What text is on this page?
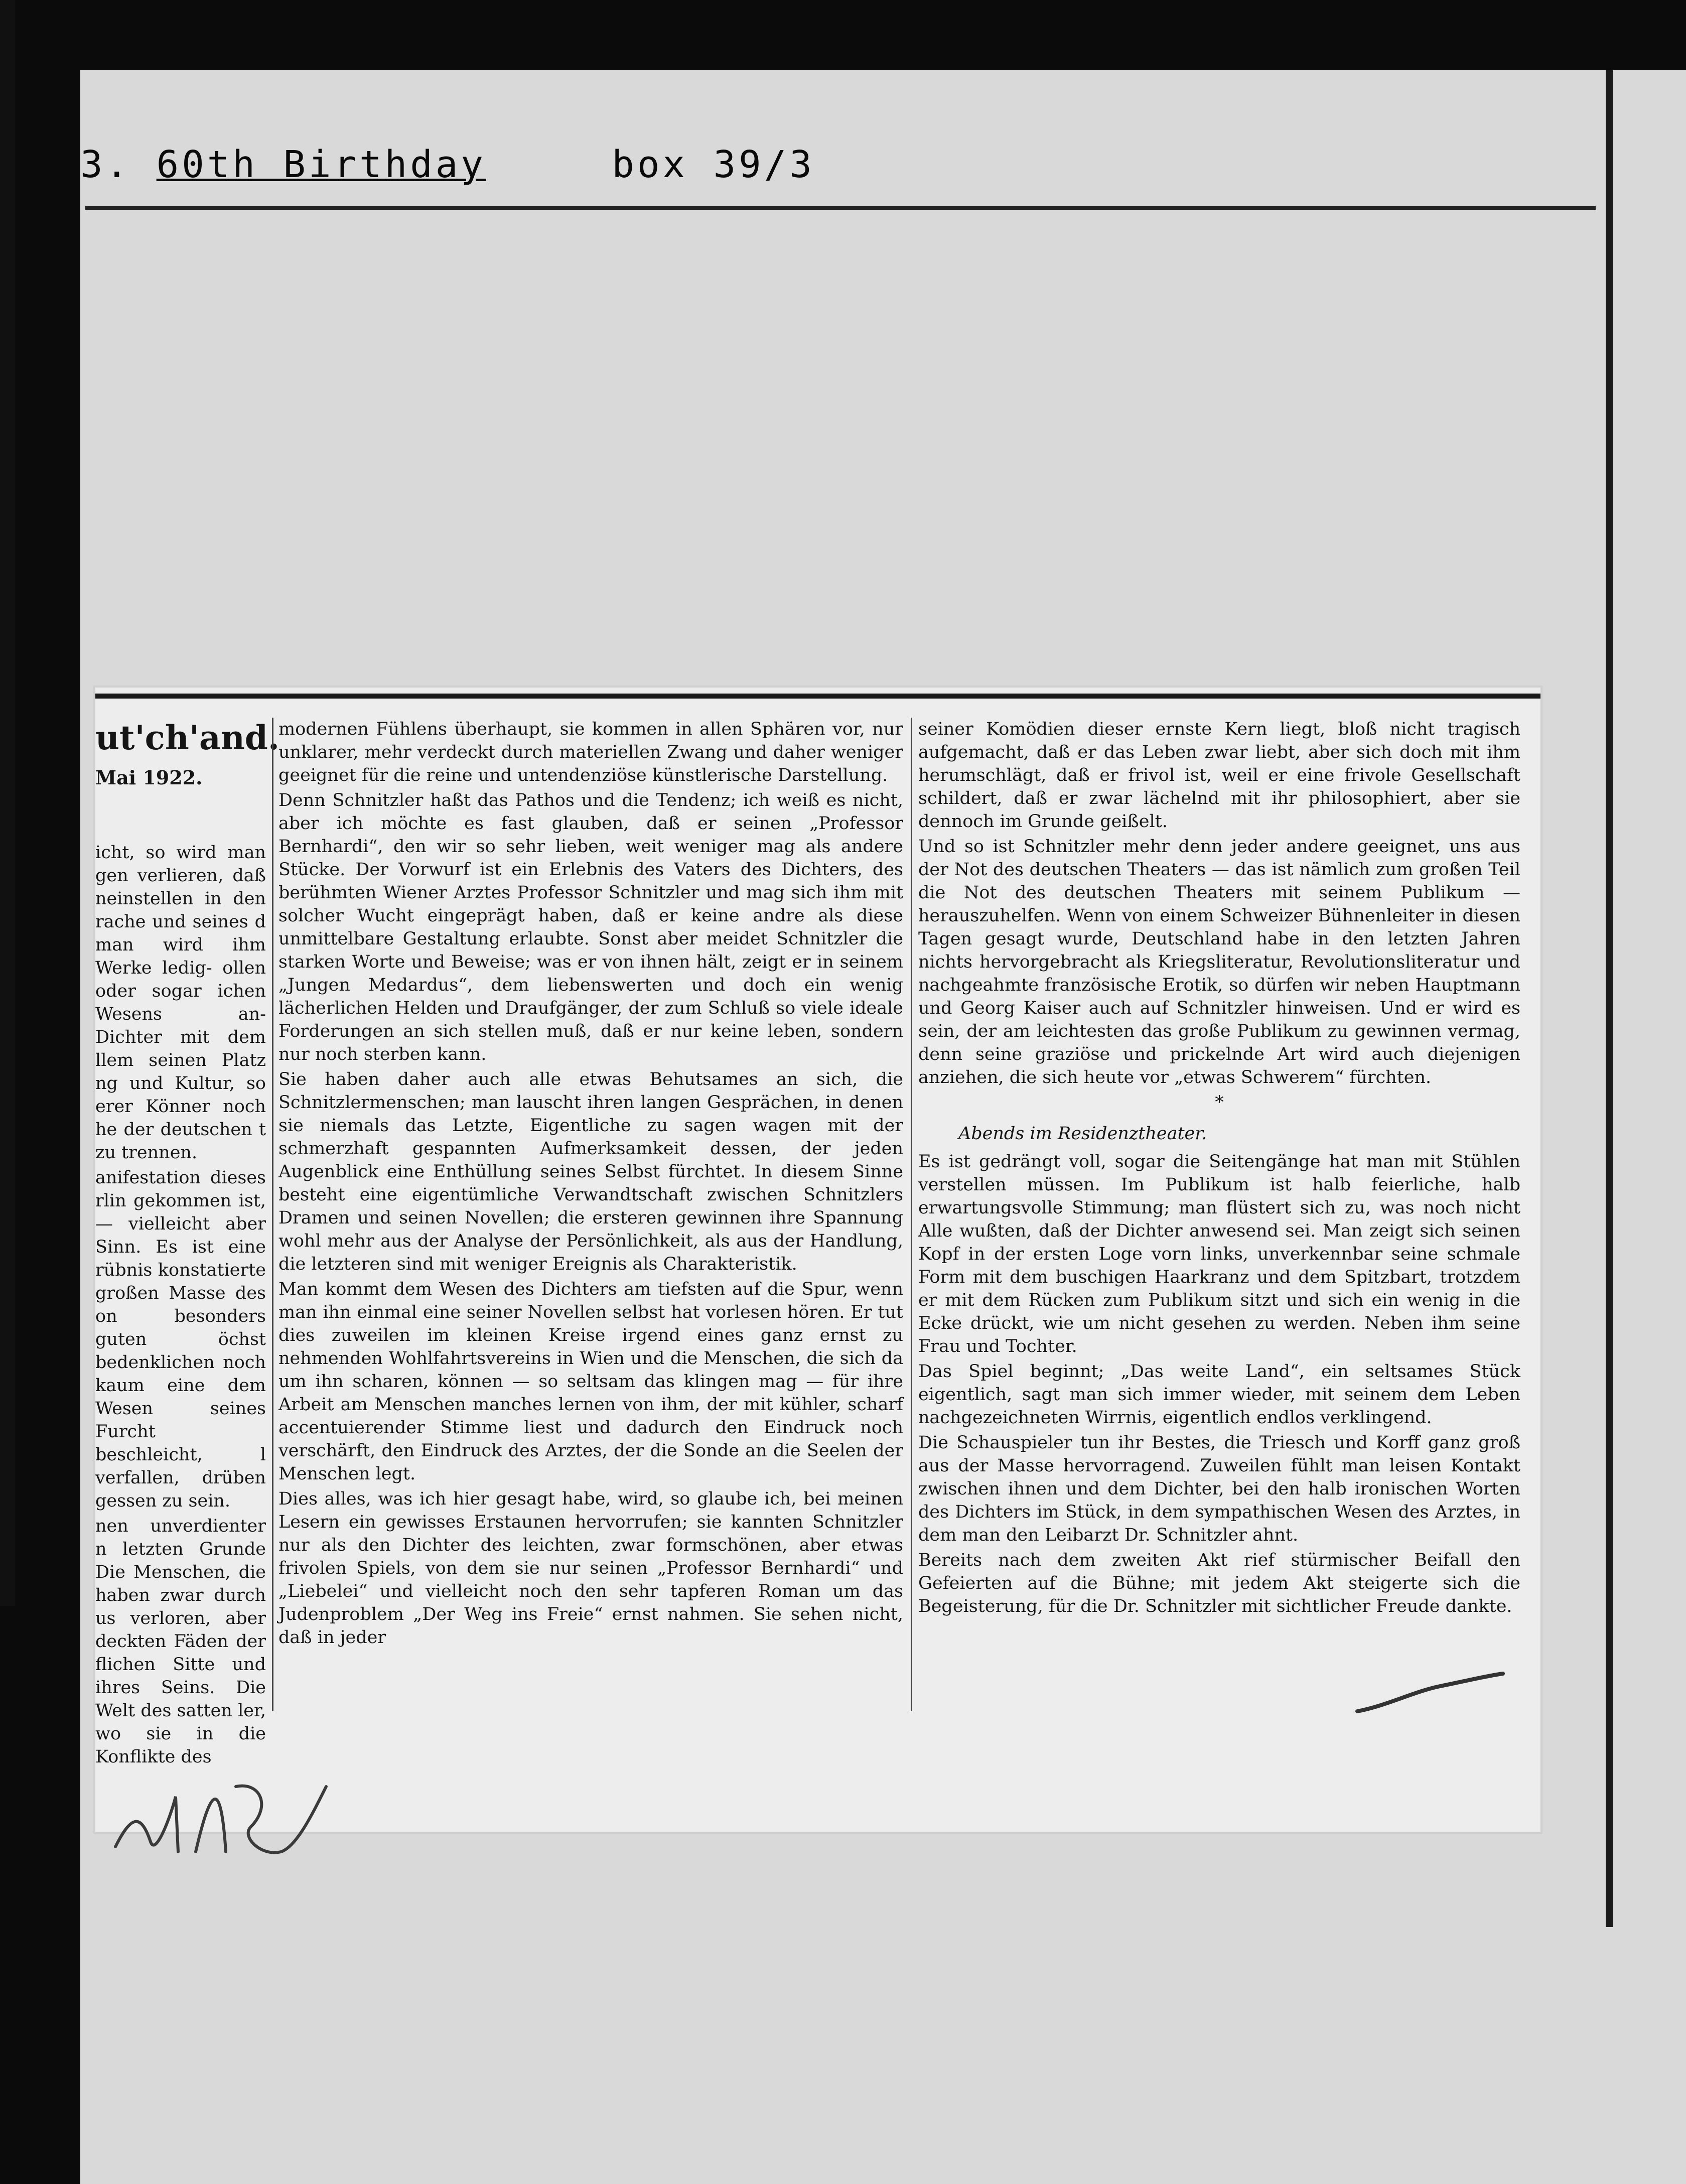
3. 60th Birthday	box 39/3
ut'ch'and.
Mai 1922.

icht, so wird man gen verlieren, daß neinstellen in den rache und seines d man wird ihm Werke ledig- ollen oder sogar ichen Wesens an- Dichter mit dem llem seinen Platz ng und Kultur, so erer Könner noch he der deutschen t zu trennen.

anifestation dieses rlin gekommen ist, — vielleicht aber Sinn. Es ist eine rübnis konstatierte großen Masse des on besonders guten öchst bedenklichen noch kaum eine dem Wesen seines Furcht beschleicht, l verfallen, drüben gessen zu sein.

nen unverdienter n letzten Grunde Die Menschen, die haben zwar durch us verloren, aber deckten Fäden der flichen Sitte und ihres Seins. Die Welt des satten ler, wo sie in die Konflikte des

modernen Fühlens überhaupt, sie kommen in allen Sphären vor, nur unklarer, mehr verdeckt durch materiellen Zwang und daher weniger geeignet für die reine und untendenziöse künstlerische Darstellung.

Denn Schnitzler haßt das Pathos und die Tendenz; ich weiß es nicht, aber ich möchte es fast glauben, daß er seinen „Professor Bernhardi“, den wir so sehr lieben, weit weniger mag als andere Stücke. Der Vorwurf ist ein Erlebnis des Vaters des Dichters, des berühmten Wiener Arztes Professor Schnitzler und mag sich ihm mit solcher Wucht eingeprägt haben, daß er keine andre als diese unmittelbare Gestaltung erlaubte. Sonst aber meidet Schnitzler die starken Worte und Beweise; was er von ihnen hält, zeigt er in seinem „Jungen Medardus“, dem liebenswerten und doch ein wenig lächerlichen Helden und Draufgänger, der zum Schluß so viele ideale Forderungen an sich stellen muß, daß er nur keine leben, sondern nur noch sterben kann.

Sie haben daher auch alle etwas Behutsames an sich, die Schnitzlermenschen; man lauscht ihren langen Gesprächen, in denen sie niemals das Letzte, Eigentliche zu sagen wagen mit der schmerzhaft gespannten Aufmerksamkeit dessen, der jeden Augenblick eine Enthüllung seines Selbst fürchtet. In diesem Sinne besteht eine eigentümliche Verwandtschaft zwischen Schnitzlers Dramen und seinen Novellen; die ersteren gewinnen ihre Spannung wohl mehr aus der Analyse der Persönlichkeit, als aus der Handlung, die letzteren sind mit weniger Ereignis als Charakteristik.

Man kommt dem Wesen des Dichters am tiefsten auf die Spur, wenn man ihn einmal eine seiner Novellen selbst hat vorlesen hören. Er tut dies zuweilen im kleinen Kreise irgend eines ganz ernst zu nehmenden Wohlfahrtsvereins in Wien und die Menschen, die sich da um ihn scharen, können — so seltsam das klingen mag — für ihre Arbeit am Menschen manches lernen von ihm, der mit kühler, scharf accentuierender Stimme liest und dadurch den Eindruck noch verschärft, den Eindruck des Arztes, der die Sonde an die Seelen der Menschen legt.

Dies alles, was ich hier gesagt habe, wird, so glaube ich, bei meinen Lesern ein gewisses Erstaunen hervorrufen; sie kannten Schnitzler nur als den Dichter des leichten, zwar formschönen, aber etwas frivolen Spiels, von dem sie nur seinen „Professor Bernhardi“ und „Liebelei“ und vielleicht noch den sehr tapferen Roman um das Judenproblem „Der Weg ins Freie“ ernst nahmen. Sie sehen nicht, daß in jeder

seiner Komödien dieser ernste Kern liegt, bloß nicht tragisch aufgemacht, daß er das Leben zwar liebt, aber sich doch mit ihm herumschlägt, daß er frivol ist, weil er eine frivole Gesellschaft schildert, daß er zwar lächelnd mit ihr philosophiert, aber sie dennoch im Grunde geißelt.

Und so ist Schnitzler mehr denn jeder andere geeignet, uns aus der Not des deutschen Theaters — das ist nämlich zum großen Teil die Not des deutschen Theaters mit seinem Publikum — herauszuhelfen. Wenn von einem Schweizer Bühnenleiter in diesen Tagen gesagt wurde, Deutschland habe in den letzten Jahren nichts hervorgebracht als Kriegsliteratur, Revolutionsliteratur und nachgeahmte französische Erotik, so dürfen wir neben Hauptmann und Georg Kaiser auch auf Schnitzler hinweisen. Und er wird es sein, der am leichtesten das große Publikum zu gewinnen vermag, denn seine graziöse und prickelnde Art wird auch diejenigen anziehen, die sich heute vor „etwas Schwerem“ fürchten.

*
Abends im Residenztheater.

Es ist gedrängt voll, sogar die Seitengänge hat man mit Stühlen verstellen müssen. Im Publikum ist halb feierliche, halb erwartungsvolle Stimmung; man flüstert sich zu, was noch nicht Alle wußten, daß der Dichter anwesend sei. Man zeigt sich seinen Kopf in der ersten Loge vorn links, unverkennbar seine schmale Form mit dem buschigen Haarkranz und dem Spitzbart, trotzdem er mit dem Rücken zum Publikum sitzt und sich ein wenig in die Ecke drückt, wie um nicht gesehen zu werden. Neben ihm seine Frau und Tochter.

Das Spiel beginnt; „Das weite Land“, ein seltsames Stück eigentlich, sagt man sich immer wieder, mit seinem dem Leben nachgezeichneten Wirrnis, eigentlich endlos verklingend.

Die Schauspieler tun ihr Bestes, die Triesch und Korff ganz groß aus der Masse hervorragend. Zuweilen fühlt man leisen Kontakt zwischen ihnen und dem Dichter, bei den halb ironischen Worten des Dichters im Stück, in dem sympathischen Wesen des Arztes, in dem man den Leibarzt Dr. Schnitzler ahnt.

Bereits nach dem zweiten Akt rief stürmischer Beifall den Gefeierten auf die Bühne; mit jedem Akt steigerte sich die Begeisterung, für die Dr. Schnitzler mit sichtlicher Freude dankte.
